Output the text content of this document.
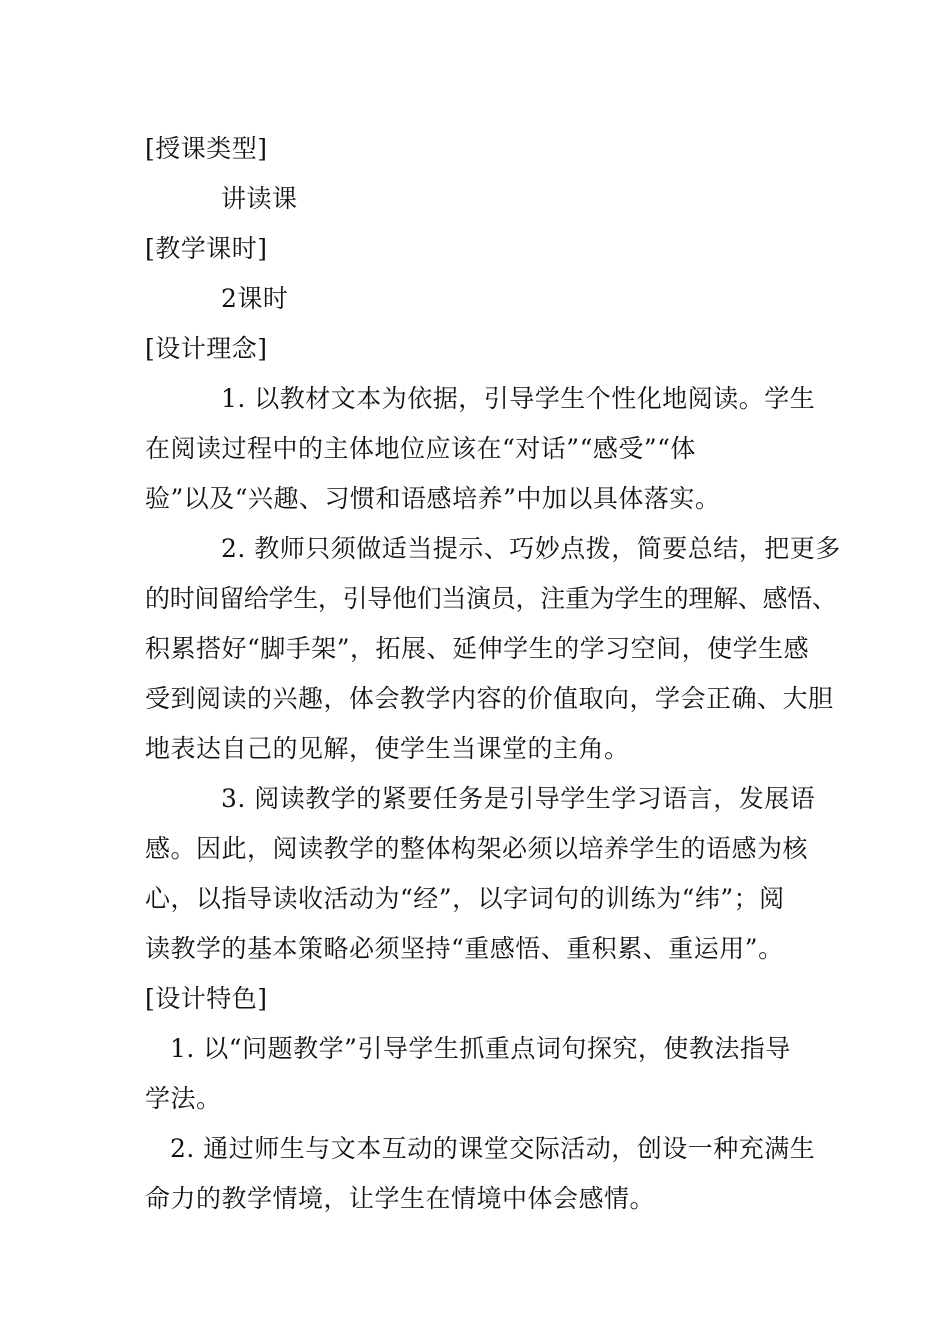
[授课类型]
讲读课
[教学课时]
2课时
[设计理念]
1. 以教材文本为依据，引导学生个性化地阅读。学生
在阅读过程中的主体地位应该在“对话”“感受”“体
验”以及“兴趣、习惯和语感培养”中加以具体落实。
2. 教师只须做适当提示、巧妙点拨，简要总结，把更多
的时间留给学生，引导他们当演员，注重为学生的理解、感悟、
积累搭好“脚手架”，拓展、延伸学生的学习空间，使学生感
受到阅读的兴趣，体会教学内容的价值取向，学会正确、大胆
地表达自己的见解，使学生当课堂的主角。
3. 阅读教学的紧要任务是引导学生学习语言，发展语
感。因此，阅读教学的整体构架必须以培养学生的语感为核
心，以指导读收活动为“经”，以字词句的训练为“纬”；阅
读教学的基本策略必须坚持“重感悟、重积累、重运用”。
[设计特色]
1. 以“问题教学”引导学生抓重点词句探究，使教法指导
学法。
2. 通过师生与文本互动的课堂交际活动，创设一种充满生
命力的教学情境，让学生在情境中体会感情。
